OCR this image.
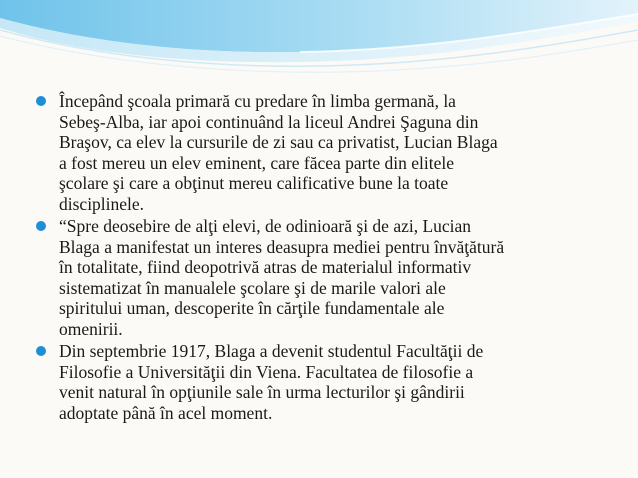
Începând şcoala primară cu predare în limba germană, la
Sebeş-Alba, iar apoi continuând la liceul Andrei Şaguna din
Braşov, ca elev la cursurile de zi sau ca privatist, Lucian Blaga
a fost mereu un elev eminent, care făcea parte din elitele
şcolare şi care a obţinut mereu calificative bune la toate
disciplinele.
“Spre deosebire de alţi elevi, de odinioară şi de azi, Lucian
Blaga a manifestat un interes deasupra mediei pentru învăţătură
în totalitate, fiind deopotrivă atras de materialul informativ
sistematizat în manualele şcolare şi de marile valori ale
spiritului uman, descoperite în cărţile fundamentale ale
omenirii.
Din septembrie 1917, Blaga a devenit studentul Facultăţii de
Filosofie a Universităţii din Viena. Facultatea de filosofie a
venit natural în opţiunile sale în urma lecturilor şi gândirii
adoptate până în acel moment.
